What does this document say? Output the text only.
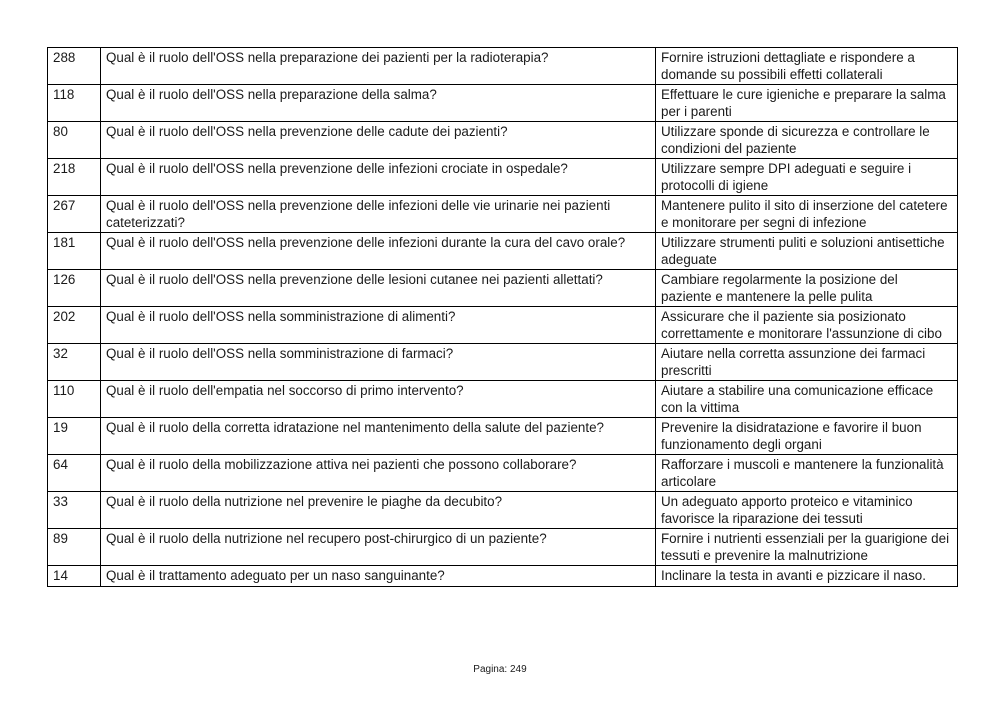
288	Qual è il ruolo dell'OSS nella preparazione dei pazienti per la radioterapia?	Fornire istruzioni dettagliate e rispondere a domande su possibili effetti collaterali
118	Qual è il ruolo dell'OSS nella preparazione della salma?	Effettuare le cure igieniche e preparare la salma per i parenti
80	Qual è il ruolo dell'OSS nella prevenzione delle cadute dei pazienti?	Utilizzare sponde di sicurezza e controllare le condizioni del paziente
218	Qual è il ruolo dell'OSS nella prevenzione delle infezioni crociate in ospedale?	Utilizzare sempre DPI adeguati e seguire i protocolli di igiene
267	Qual è il ruolo dell'OSS nella prevenzione delle infezioni delle vie urinarie nei pazienti cateterizzati?	Mantenere pulito il sito di inserzione del catetere e monitorare per segni di infezione
181	Qual è il ruolo dell'OSS nella prevenzione delle infezioni durante la cura del cavo orale?	Utilizzare strumenti puliti e soluzioni antisettiche adeguate
126	Qual è il ruolo dell'OSS nella prevenzione delle lesioni cutanee nei pazienti allettati?	Cambiare regolarmente la posizione del paziente e mantenere la pelle pulita
202	Qual è il ruolo dell'OSS nella somministrazione di alimenti?	Assicurare che il paziente sia posizionato correttamente e monitorare l'assunzione di cibo
32	Qual è il ruolo dell'OSS nella somministrazione di farmaci?	Aiutare nella corretta assunzione dei farmaci prescritti
110	Qual è il ruolo dell'empatia nel soccorso di primo intervento?	Aiutare a stabilire una comunicazione efficace con la vittima
19	Qual è il ruolo della corretta idratazione nel mantenimento della salute del paziente?	Prevenire la disidratazione e favorire il buon funzionamento degli organi
64	Qual è il ruolo della mobilizzazione attiva nei pazienti che possono collaborare?	Rafforzare i muscoli e mantenere la funzionalità articolare
33	Qual è il ruolo della nutrizione nel prevenire le piaghe da decubito?	Un adeguato apporto proteico e vitaminico favorisce la riparazione dei tessuti
89	Qual è il ruolo della nutrizione nel recupero post-chirurgico di un paziente?	Fornire i nutrienti essenziali per la guarigione dei tessuti e prevenire la malnutrizione
14	Qual è il trattamento adeguato per un naso sanguinante?	Inclinare la testa in avanti e pizzicare il naso.
Pagina: 249
